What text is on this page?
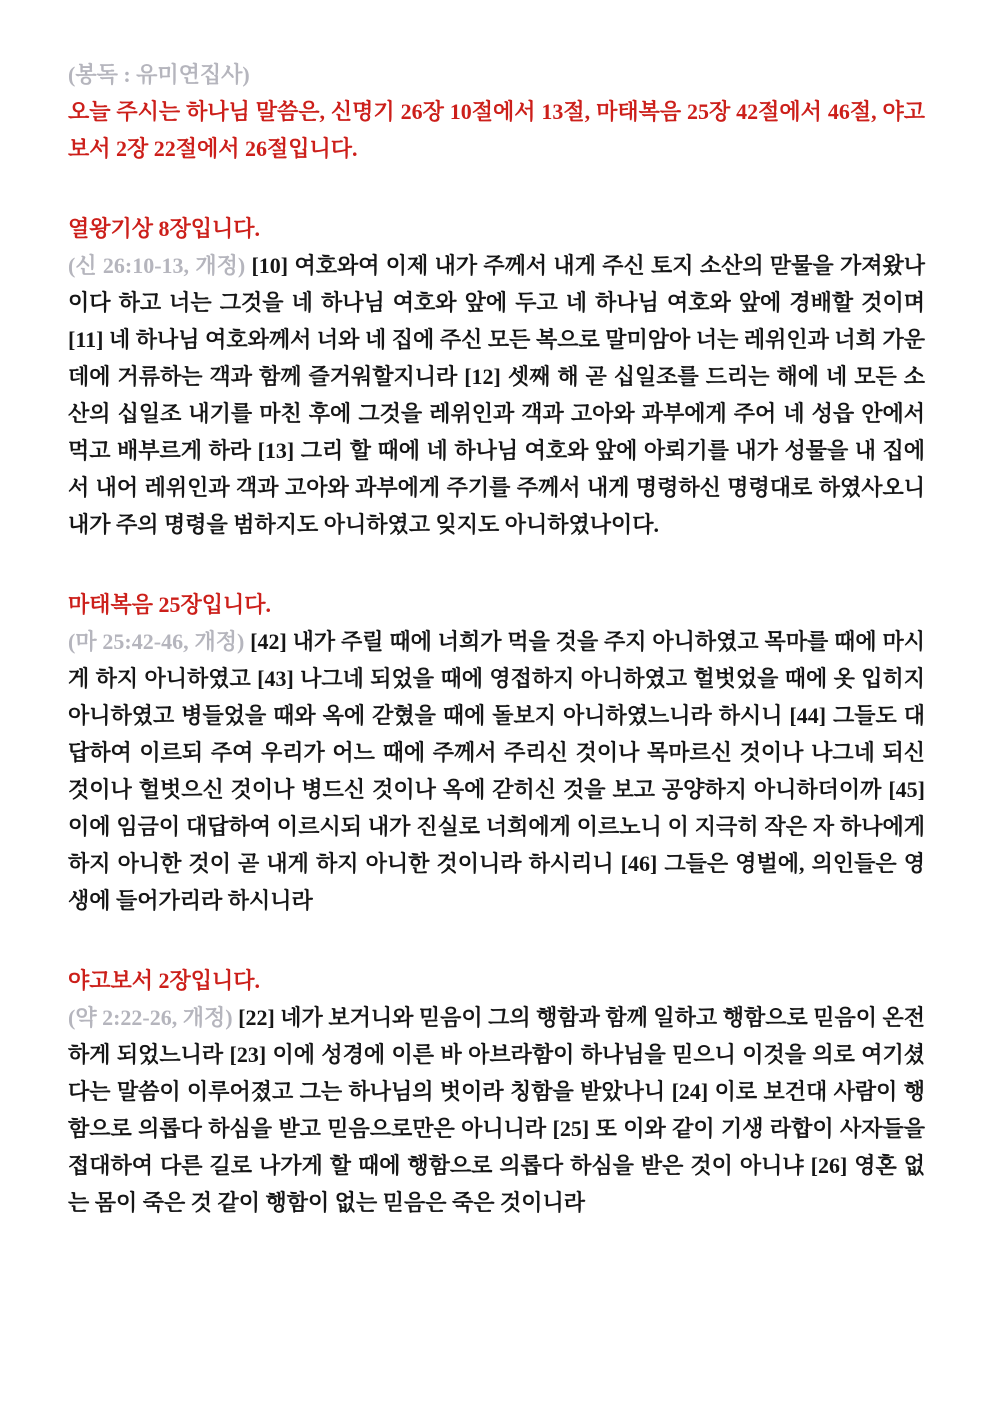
(봉독 : 유미연집사)

오늘 주시는 하나님 말씀은, 신명기 26장 10절에서 13절, 마태복음 25장 42절에서 46절, 야고보서 2장 22절에서 26절입니다.

열왕기상 8장입니다.

(신 26:10-13, 개정) [10] 여호와여 이제 내가 주께서 내게 주신 토지 소산의 맏물을 가져왔나이다 하고 너는 그것을 네 하나님 여호와 앞에 두고 네 하나님 여호와 앞에 경배할 것이며 [11] 네 하나님 여호와께서 너와 네 집에 주신 모든 복으로 말미암아 너는 레위인과 너희 가운데에 거류하는 객과 함께 즐거워할지니라 [12] 셋째 해 곧 십일조를 드리는 해에 네 모든 소산의 십일조 내기를 마친 후에 그것을 레위인과 객과 고아와 과부에게 주어 네 성읍 안에서 먹고 배부르게 하라 [13] 그리 할 때에 네 하나님 여호와 앞에 아뢰기를 내가 성물을 내 집에서 내어 레위인과 객과 고아와 과부에게 주기를 주께서 내게 명령하신 명령대로 하였사오니 내가 주의 명령을 범하지도 아니하였고 잊지도 아니하였나이다.

마태복음 25장입니다.

(마 25:42-46, 개정) [42] 내가 주릴 때에 너희가 먹을 것을 주지 아니하였고 목마를 때에 마시게 하지 아니하였고 [43] 나그네 되었을 때에 영접하지 아니하였고 헐벗었을 때에 옷 입히지 아니하였고 병들었을 때와 옥에 갇혔을 때에 돌보지 아니하였느니라 하시니 [44] 그들도 대답하여 이르되 주여 우리가 어느 때에 주께서 주리신 것이나 목마르신 것이나 나그네 되신 것이나 헐벗으신 것이나 병드신 것이나 옥에 갇히신 것을 보고 공양하지 아니하더이까 [45] 이에 임금이 대답하여 이르시되 내가 진실로 너희에게 이르노니 이 지극히 작은 자 하나에게 하지 아니한 것이 곧 내게 하지 아니한 것이니라 하시리니 [46] 그들은 영벌에, 의인들은 영생에 들어가리라 하시니라

야고보서 2장입니다.

(약 2:22-26, 개정) [22] 네가 보거니와 믿음이 그의 행함과 함께 일하고 행함으로 믿음이 온전하게 되었느니라 [23] 이에 성경에 이른 바 아브라함이 하나님을 믿으니 이것을 의로 여기셨다는 말씀이 이루어졌고 그는 하나님의 벗이라 칭함을 받았나니 [24] 이로 보건대 사람이 행함으로 의롭다 하심을 받고 믿음으로만은 아니니라 [25] 또 이와 같이 기생 라합이 사자들을 접대하여 다른 길로 나가게 할 때에 행함으로 의롭다 하심을 받은 것이 아니냐 [26] 영혼 없는 몸이 죽은 것 같이 행함이 없는 믿음은 죽은 것이니라
